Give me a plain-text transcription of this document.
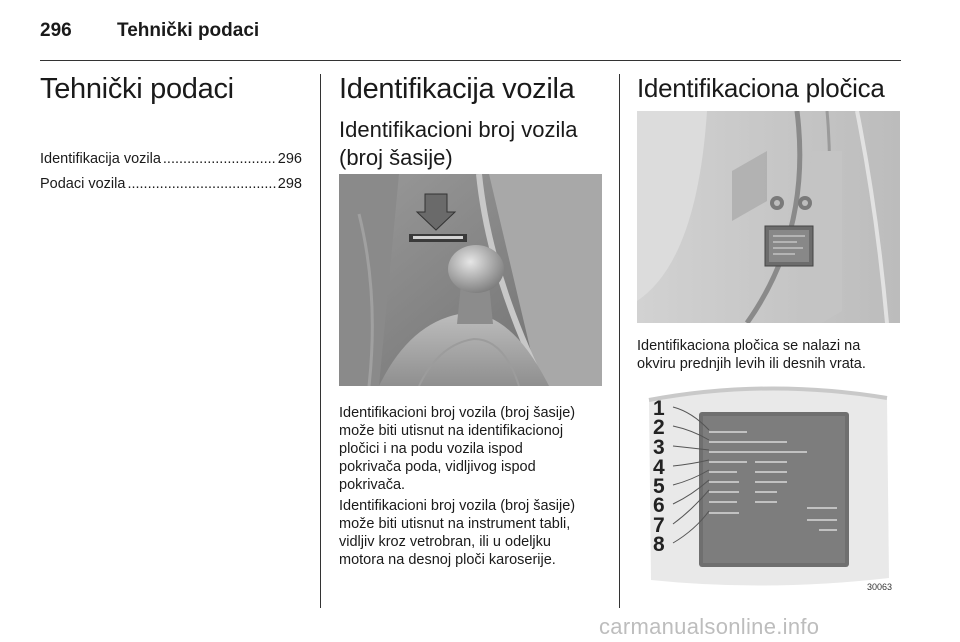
296 Tehnički podaci
Tehnički podaci
Identifikacija vozila .....	296
Podaci vozila .....	298
Identifikacija vozila
Identifikacioni broj vozila
(broj šasije)
Identifikacioni broj vozila (broj šasije)
može biti utisnut na identifikacionoj
pločici i na podu vozila ispod
pokrivača poda, vidljivog ispod
pokrivača.
Identifikacioni broj vozila (broj šasije)
može biti utisnut na instrument tabli,
vidljiv kroz vetrobran, ili u odeljku
motora na desnoj ploči karoserije.
Identifikaciona pločica
Identifikaciona pločica se nalazi na
okviru prednjih levih ili desnih vrata.
1
2
3
4
5
6
7
8
30063
carmanualsonline.info
